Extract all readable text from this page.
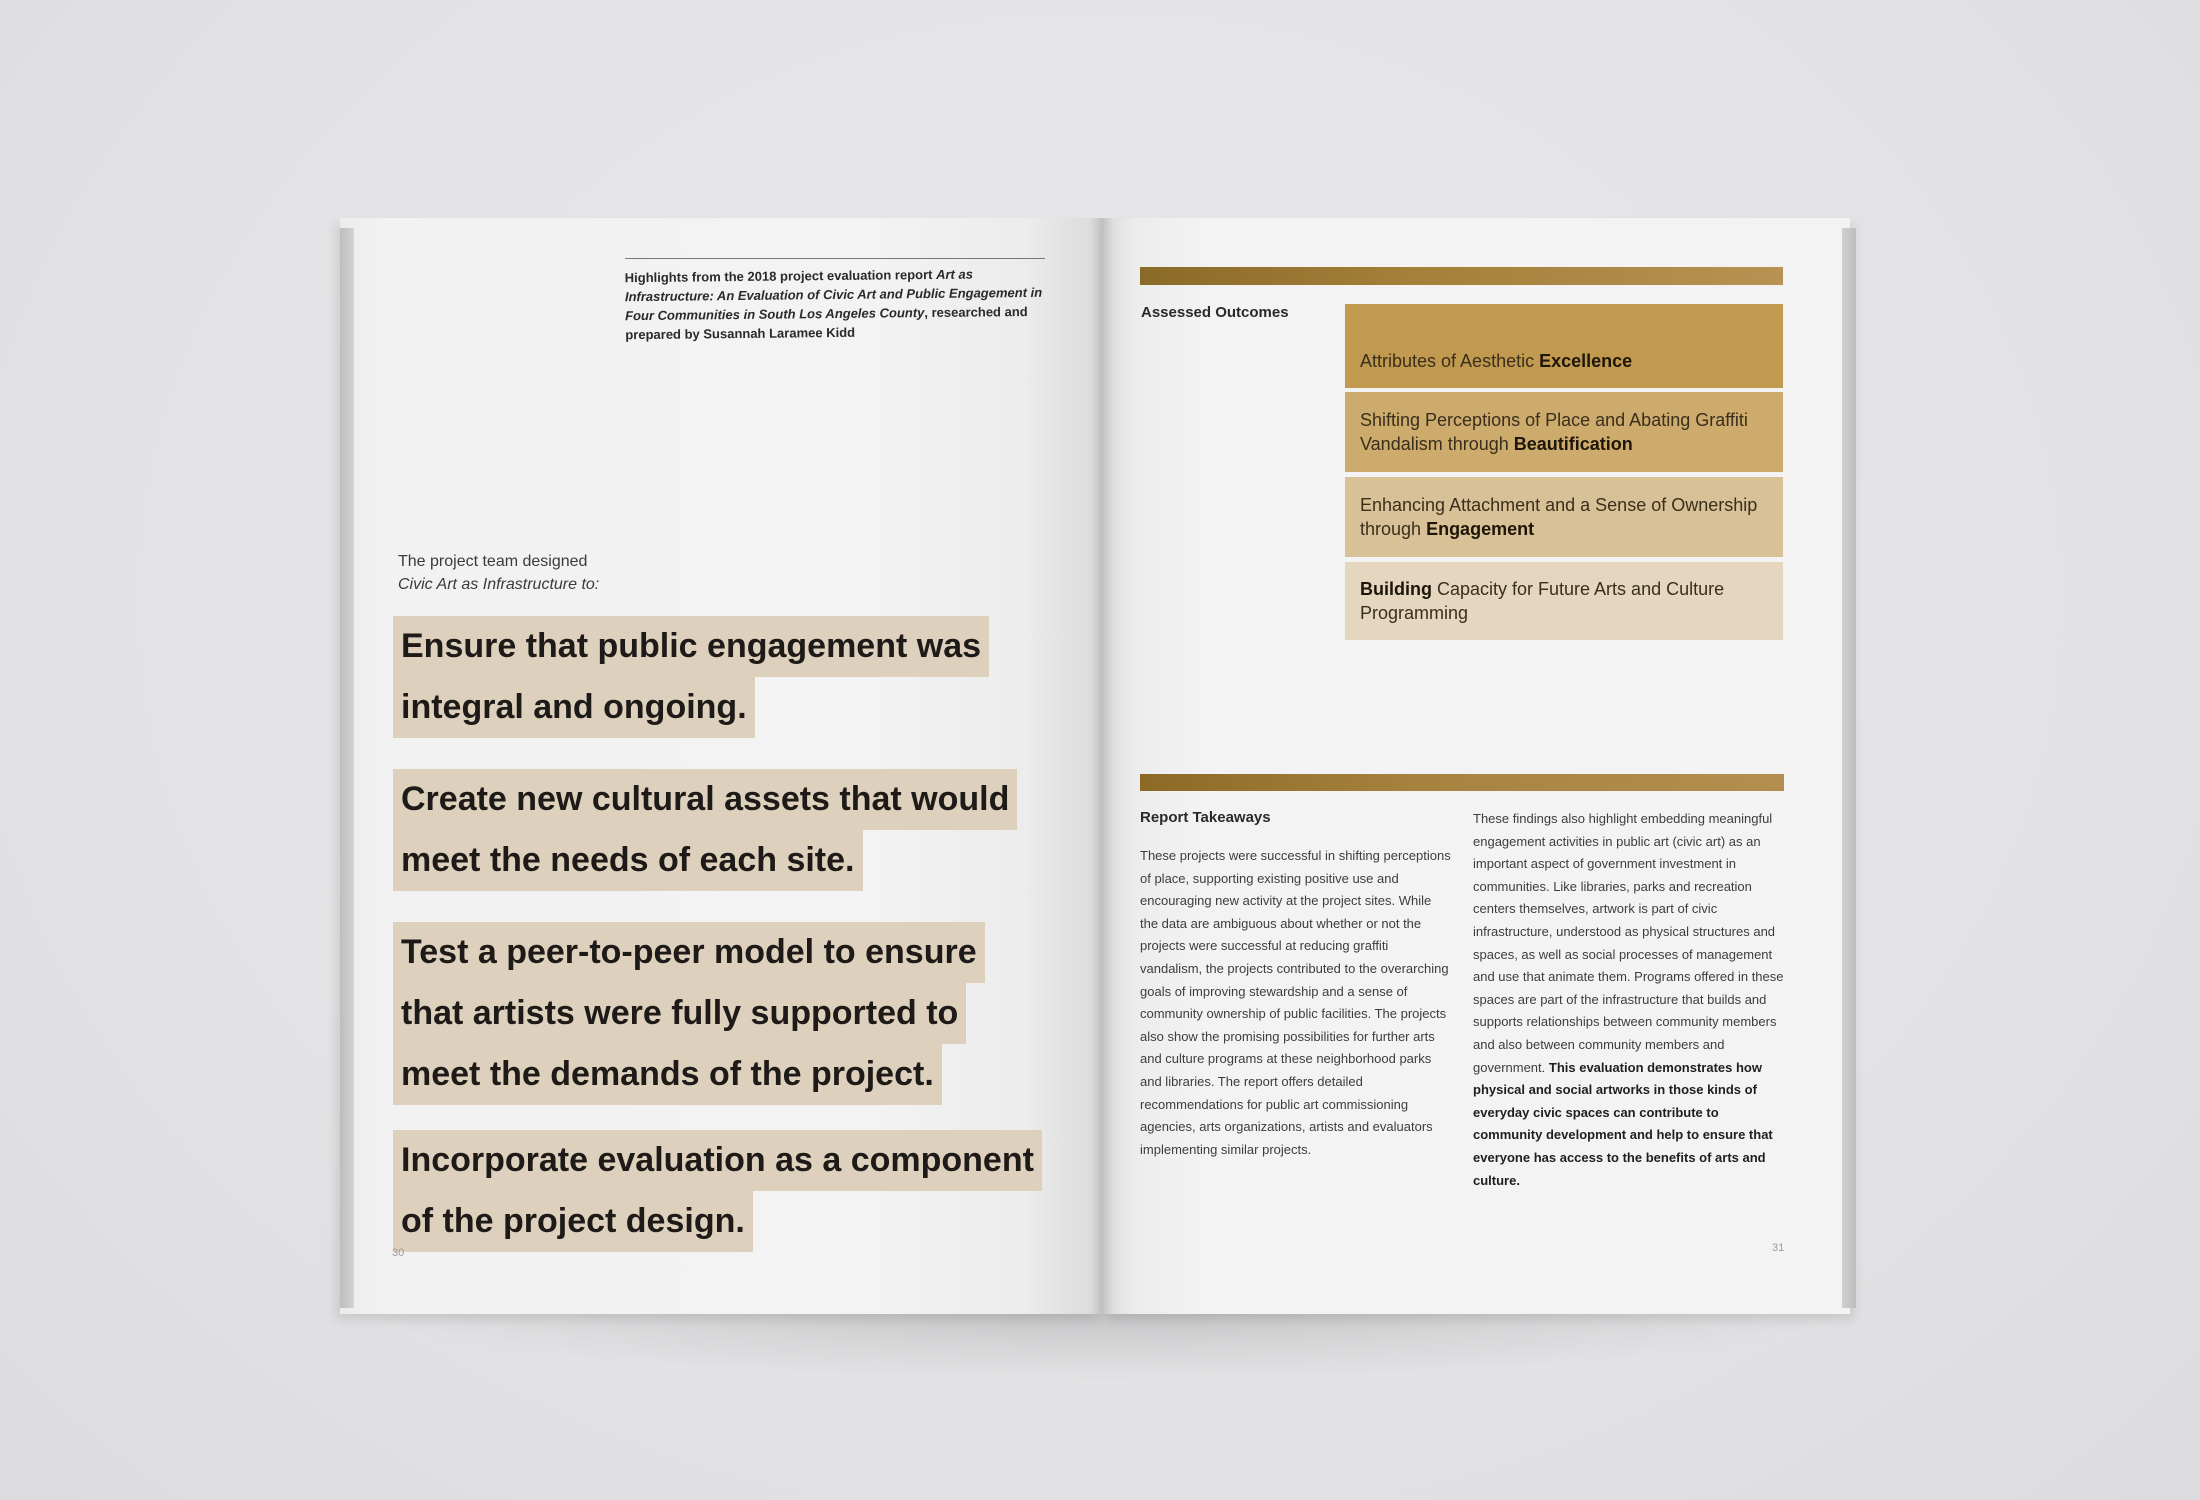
Highlights from the 2018 project evaluation report Art as Infrastructure: An Evaluation of Civic Art and Public Engagement in Four Communities in South Los Angeles County, researched and prepared by Susannah Laramee Kidd
The project team designed
Civic Art as Infrastructure to:
Ensure that public engagement was
integral and ongoing.
Create new cultural assets that would
meet the needs of each site.
Test a peer-to-peer model to ensure
that artists were fully supported to
meet the demands of the project.
Incorporate evaluation as a component
of the project design.
30
Assessed Outcomes
Attributes of Aesthetic Excellence
Shifting Perceptions of Place and Abating Graffiti Vandalism through Beautification
Enhancing Attachment and a Sense of Ownership through Engagement
Building Capacity for Future Arts and Culture Programming
Report Takeaways
These projects were successful in shifting perceptions of place, supporting existing positive use and encouraging new activity at the project sites. While the data are ambiguous about whether or not the projects were successful at reducing graffiti vandalism, the projects contributed to the overarching goals of improving stewardship and a sense of community ownership of public facilities. The projects also show the promising possibilities for further arts and culture programs at these neighborhood parks and libraries. The report offers detailed recommendations for public art commissioning agencies, arts organizations, artists and evaluators implementing similar projects.
These findings also highlight embedding meaningful engagement activities in public art (civic art) as an important aspect of government investment in communities. Like libraries, parks and recreation centers themselves, artwork is part of civic infrastructure, understood as physical structures and spaces, as well as social processes of management and use that animate them. Programs offered in these spaces are part of the infrastructure that builds and supports relationships between community members and also between community members and government. This evaluation demonstrates how physical and social artworks in those kinds of everyday civic spaces can contribute to community development and help to ensure that everyone has access to the benefits of arts and culture.
31
